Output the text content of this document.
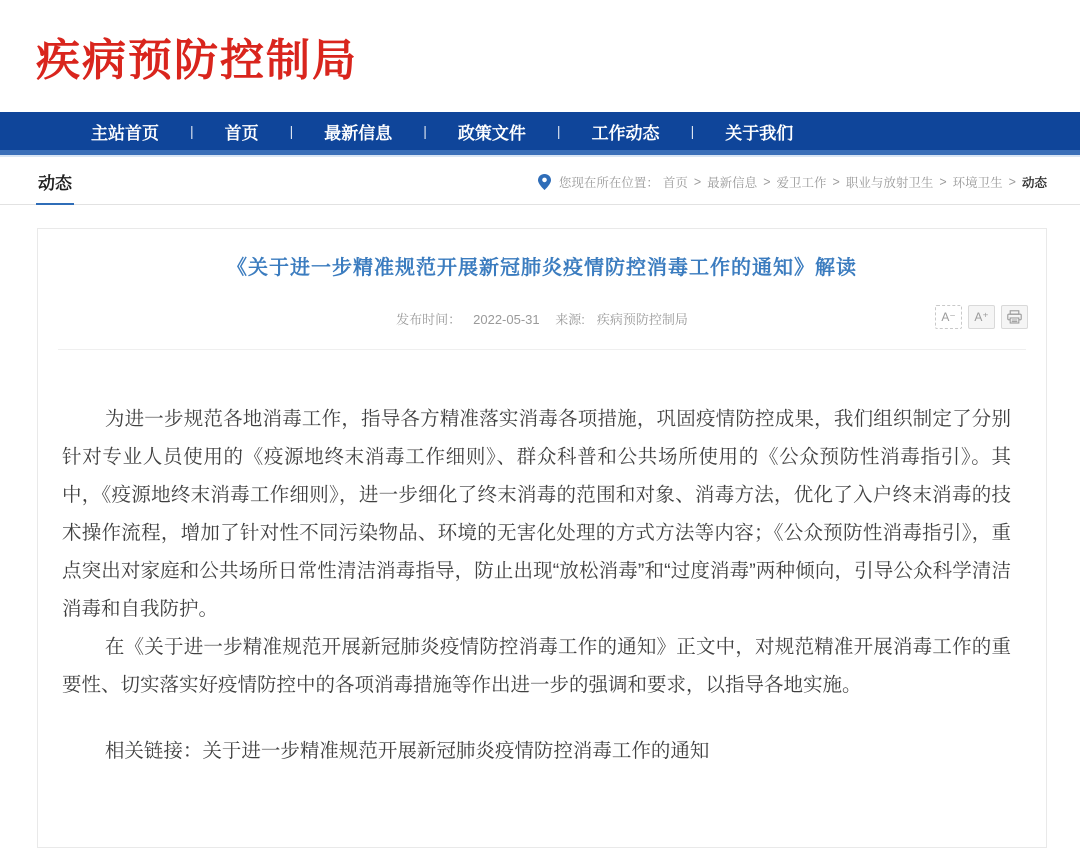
疾病预防控制局
主站首页	|	首页	|	最新信息	|	政策文件	|	工作动态	|	关于我们
动态	您现在所在位置： 首页 > 最新信息 > 爱卫工作 > 职业与放射卫生 > 环境卫生 > 动态
《关于进一步精准规范开展新冠肺炎疫情防控消毒工作的通知》解读
发布时间： 2022-05-31 来源: 疾病预防控制局	A⁻	A⁺

为进一步规范各地消毒工作，指导各方精准落实消毒各项措施，巩固疫情防控成果，我们组织制定了分别针对专业人员使用的《疫源地终末消毒工作细则》、群众科普和公共场所使用的《公众预防性消毒指引》。其中，《疫源地终末消毒工作细则》，进一步细化了终末消毒的范围和对象、消毒方法，优化了入户终末消毒的技术操作流程，增加了针对性不同污染物品、环境的无害化处理的方式方法等内容；《公众预防性消毒指引》，重点突出对家庭和公共场所日常性清洁消毒指导，防止出现“放松消毒”和“过度消毒”两种倾向，引导公众科学清洁消毒和自我防护。

在《关于进一步精准规范开展新冠肺炎疫情防控消毒工作的通知》正文中，对规范精准开展消毒工作的重要性、切实落实好疫情防控中的各项消毒措施等作出进一步的强调和要求，以指导各地实施。

相关链接：关于进一步精准规范开展新冠肺炎疫情防控消毒工作的通知
